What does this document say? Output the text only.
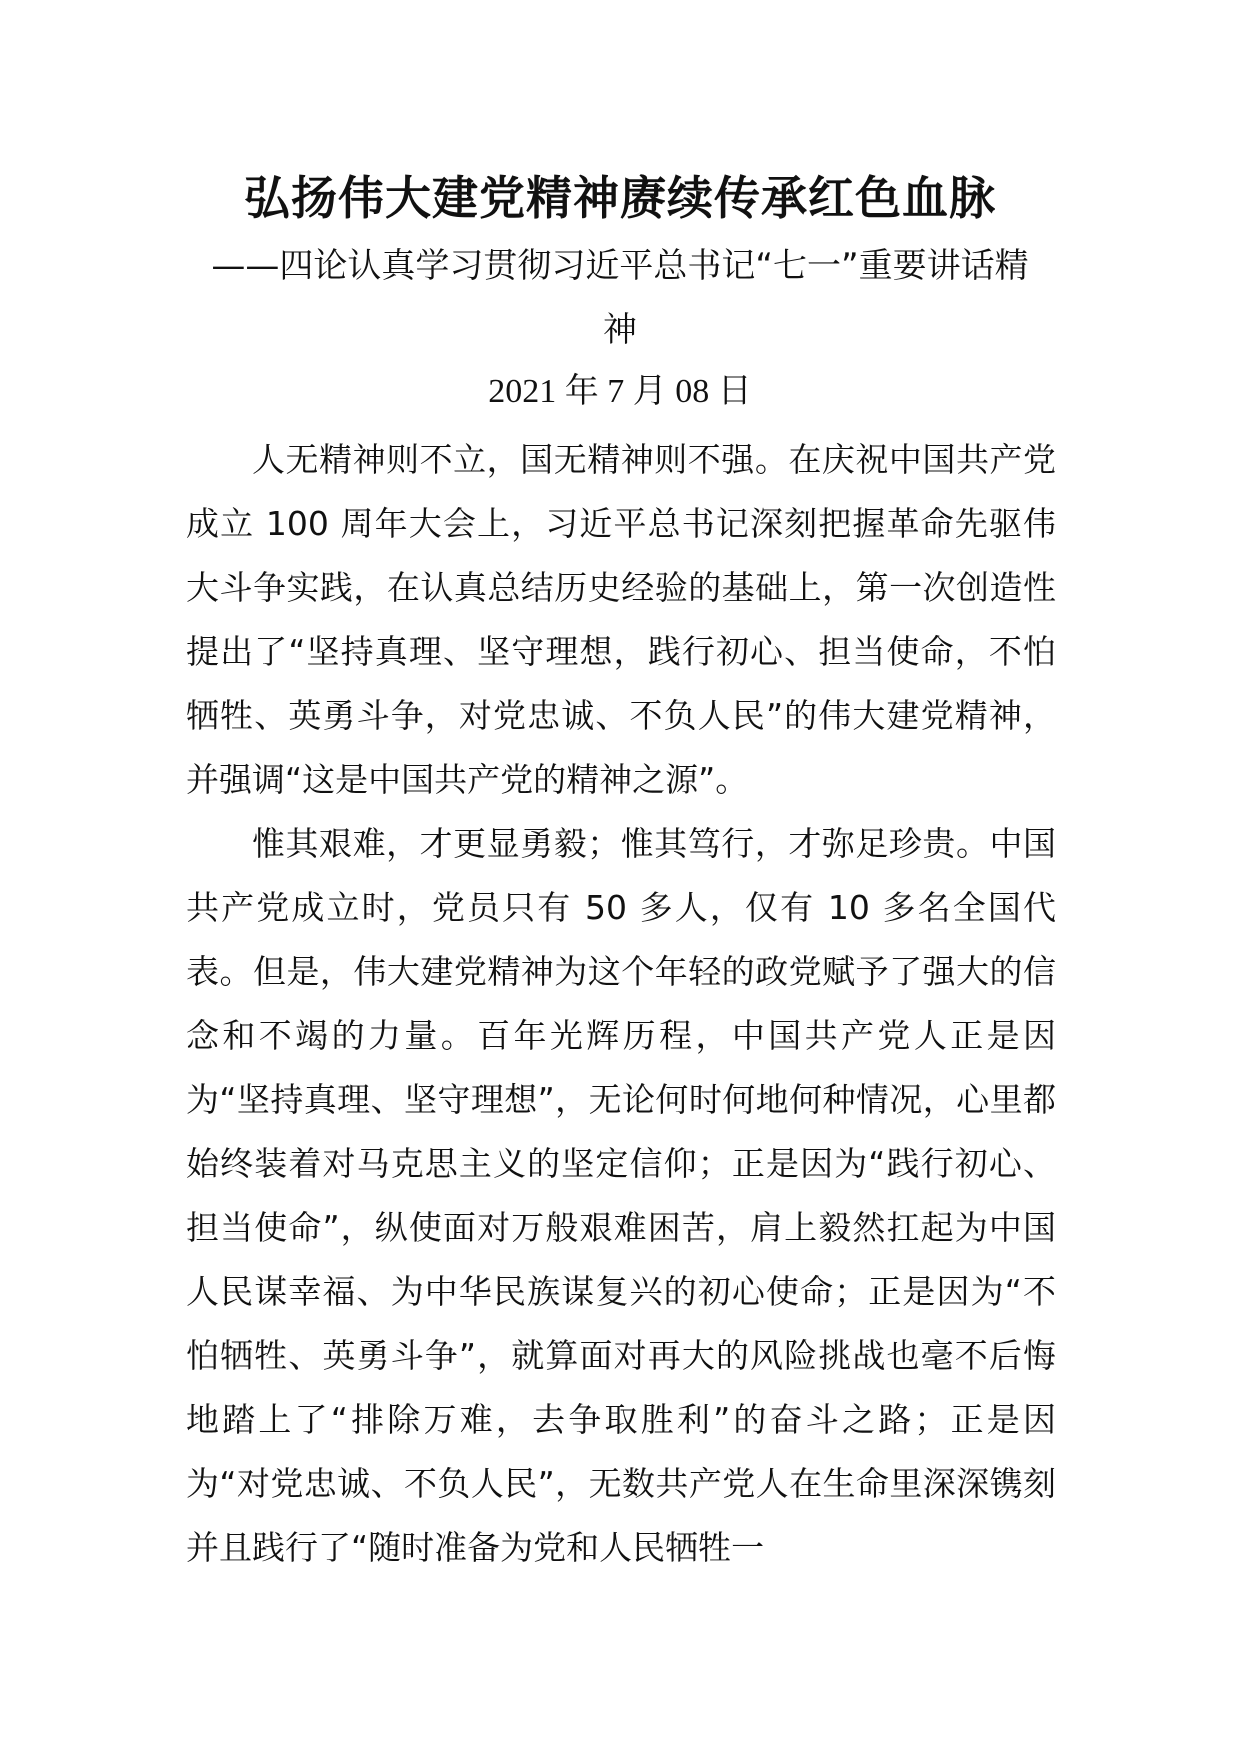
弘扬伟大建党精神赓续传承红色血脉
——四论认真学习贯彻习近平总书记“七一”重要讲话精神
2021 年 7 月 08 日

人无精神则不立，国无精神则不强。在庆祝中国共产党成立 100 周年大会上，习近平总书记深刻把握革命先驱伟大斗争实践，在认真总结历史经验的基础上，第一次创造性提出了“坚持真理、坚守理想，践行初心、担当使命，不怕牺牲、英勇斗争，对党忠诚、不负人民”的伟大建党精神，并强调“这是中国共产党的精神之源”。

惟其艰难，才更显勇毅；惟其笃行，才弥足珍贵。中国共产党成立时，党员只有 50 多人，仅有 10 多名全国代表。但是，伟大建党精神为这个年轻的政党赋予了强大的信念和不竭的力量。百年光辉历程，中国共产党人正是因为“坚持真理、坚守理想”，无论何时何地何种情况，心里都始终装着对马克思主义的坚定信仰；正是因为“践行初心、担当使命”，纵使面对万般艰难困苦，肩上毅然扛起为中国人民谋幸福、为中华民族谋复兴的初心使命；正是因为“不怕牺牲、英勇斗争”，就算面对再大的风险挑战也毫不后悔地踏上了“排除万难，去争取胜利”的奋斗之路；正是因为“对党忠诚、不负人民”，无数共产党人在生命里深深镌刻并且践行了“随时准备为党和人民牺牲一
